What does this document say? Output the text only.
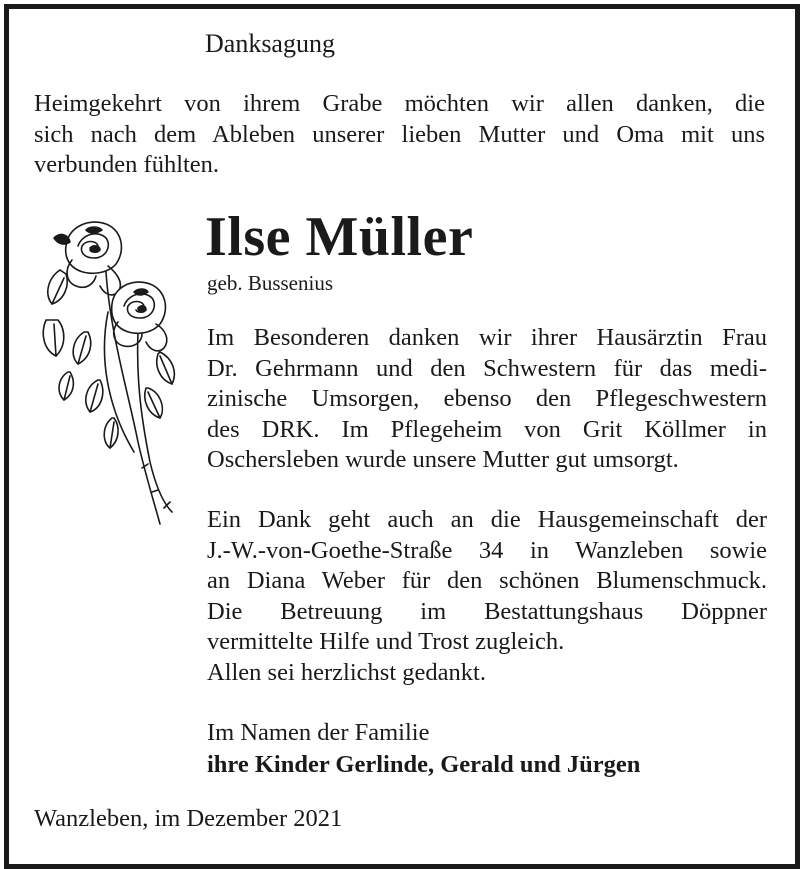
Danksagung

Heimgekehrt von ihrem Grabe möchten wir allen danken, die
sich nach dem Ableben unserer lieben Mutter und Oma mit uns
verbunden fühlten.

Ilse Müller

geb. Bussenius

Im Besonderen danken wir ihrer Hausärztin Frau
Dr. Gehrmann und den Schwestern für das medi-
zinische Umsorgen, ebenso den Pflegeschwestern
des DRK. Im Pflegeheim von Grit Köllmer in
Oschersleben wurde unsere Mutter gut umsorgt.

Ein Dank geht auch an die Hausgemeinschaft der
J.-W.-von-Goethe-Straße 34 in Wanzleben sowie
an Diana Weber für den schönen Blumenschmuck.
Die Betreuung im Bestattungshaus Döppner
vermittelte Hilfe und Trost zugleich.
Allen sei herzlichst gedankt.

Im Namen der Familie

ihre Kinder Gerlinde, Gerald und Jürgen

Wanzleben, im Dezember 2021
